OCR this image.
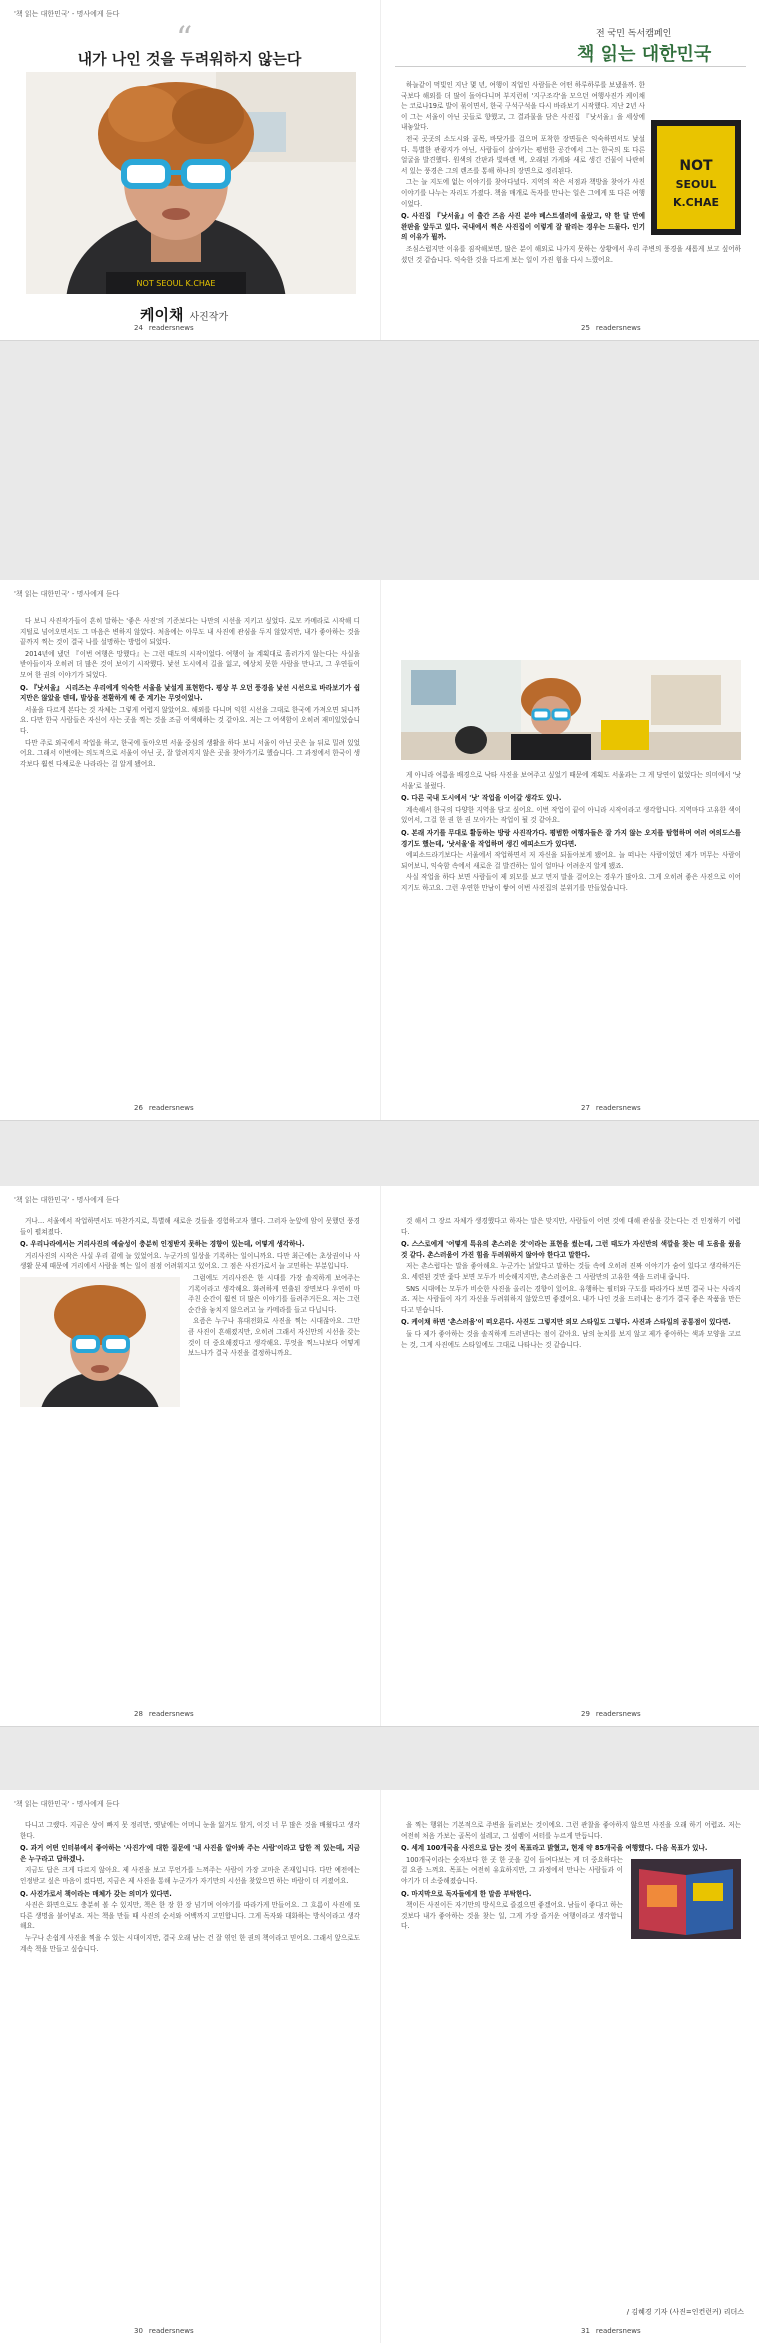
'책 읽는 대한민국' - 명사에게 듣다
“
내가 나인 것을 두려워하지 않는다
NOT SEOUL K.CHAE
케이채 사진작가
24 readersnews
전 국민 독서캠페인
책 읽는 대한민국
NOT
SEOUL
K.CHAE

하늘같이 먹빛인 지난 몇 년, 여행이 직업인 사람들은 어떤 하루하루를 보냈을까. 한국보다 해외를 더 많이 돌아다니며 부지런히 '지구조각'을 모으던 여행사진가 케이채는 코로나19로 발이 묶이면서, 한국 구석구석을 다시 바라보기 시작했다. 지난 2년 사이 그는 서울이 아닌 곳들로 향했고, 그 결과물을 담은 사진집 『낫서울』을 세상에 내놓았다.

전국 곳곳의 소도시와 골목, 바닷가를 걸으며 포착한 장면들은 익숙하면서도 낯설다. 특별한 관광지가 아닌, 사람들이 살아가는 평범한 공간에서 그는 한국의 또 다른 얼굴을 발견했다. 원색의 간판과 빛바랜 벽, 오래된 가게와 새로 생긴 건물이 나란히 서 있는 풍경은 그의 렌즈를 통해 하나의 장면으로 정리된다.

그는 늘 지도에 없는 이야기를 찾아다녔다. 지역의 작은 서점과 책방을 찾아가 사진 이야기를 나누는 자리도 가졌다. 책을 매개로 독자를 만나는 일은 그에게 또 다른 여행이었다.

Q. 사진집 『낫서울』이 출간 즈음 사진 분야 베스트셀러에 올랐고, 약 한 달 만에 완판을 앞두고 있다. 국내에서 찍은 사진집이 이렇게 잘 팔리는 경우는 드물다. 인기의 이유가 뭘까.

조심스럽지만 이유를 짐작해보면, 많은 분이 해외로 나가지 못하는 상황에서 우리 주변의 풍경을 새롭게 보고 싶어하셨던 것 같습니다. 익숙한 것을 다르게 보는 일이 가진 힘을 다시 느꼈어요.

25 readersnews
'책 읽는 대한민국' - 명사에게 듣다

다 보니 사진작가들이 흔히 말하는 '좋은 사진'의 기준보다는 나만의 시선을 지키고 싶었다. 로모 카메라로 시작해 디지털로 넘어오면서도 그 마음은 변하지 않았다. 처음에는 아무도 내 사진에 관심을 두지 않았지만, 내가 좋아하는 것을 끝까지 찍는 것이 결국 나를 설명하는 방법이 되었다.

2014년에 냈던 『이번 여행은 망했다』는 그런 태도의 시작이었다. 여행이 늘 계획대로 흘러가지 않는다는 사실을 받아들이자 오히려 더 많은 것이 보이기 시작했다. 낯선 도시에서 길을 잃고, 예상치 못한 사람을 만나고, 그 우연들이 모여 한 권의 이야기가 되었다.

Q. 『낫서울』 시리즈는 우리에게 익숙한 서울을 낯설게 표현한다. 평상 부 오던 풍경을 낯선 시선으로 바라보기가 쉽지만은 않았을 텐데, 발상을 전환하게 해 준 계기는 무엇이었나.

서울을 다르게 본다는 것 자체는 그렇게 어렵지 않았어요. 해외를 다니며 익힌 시선을 그대로 한국에 가져오면 되니까요. 다만 한국 사람들은 자신이 사는 곳을 찍는 것을 조금 어색해하는 것 같아요. 저는 그 어색함이 오히려 재미있었습니다.

다만 주로 외국에서 작업을 하고, 한국에 돌아오면 서울 중심의 생활을 하다 보니 서울이 아닌 곳은 늘 뒤로 밀려 있었어요. 그래서 이번에는 의도적으로 서울이 아닌 곳, 잘 알려지지 않은 곳을 찾아가기로 했습니다. 그 과정에서 한국이 생각보다 훨씬 다채로운 나라라는 걸 알게 됐어요.

26 readersnews

게 아니라 여름을 배경으로 낙타 사진을 보여주고 싶었기 때문에 계획도 서울과는 그 게 당연이 없었다는 의미에서 '낫서울'로 불렀다.

Q. 다른 국내 도시에서 '낫' 작업을 이어갈 생각도 있나.

계속해서 한국의 다양한 지역을 담고 싶어요. 이번 작업이 끝이 아니라 시작이라고 생각합니다. 지역마다 고유한 색이 있어서, 그걸 한 권 한 권 모아가는 작업이 될 것 같아요.

Q. 본래 자기를 무대로 활동하는 방랑 사진작가다. 평범한 여행자들은 잘 가지 않는 오지를 탐험하며 여러 여의도스를 경기도 했는데, '낫서울'을 작업하며 생긴 에피소드가 있다면.

에피소드라기보다는 서울에서 작업하면서 저 자신을 되돌아보게 됐어요. 늘 떠나는 사람이었던 제가 머무는 사람이 되어보니, 익숙함 속에서 새로운 걸 발견하는 일이 얼마나 어려운지 알게 됐죠.

사실 작업을 하다 보면 사람들이 제 외모를 보고 먼저 말을 걸어오는 경우가 많아요. 그게 오히려 좋은 사진으로 이어지기도 하고요. 그런 우연한 만남이 쌓여 이번 사진집의 분위기를 만들었습니다.

27 readersnews
'책 읽는 대한민국' - 명사에게 듣다

거나… 서울에서 작업하면서도 마찬가지로, 특별해 새로운 것들을 경험하고자 했다. 그러자 눈앞에 암이 못했던 풍경들이 펼쳐졌다.

Q. 우리나라에서는 거리사진의 예술성이 충분히 인정받지 못하는 경향이 있는데, 어떻게 생각하나.

거리사진의 시작은 사실 우리 곁에 늘 있었어요. 누군가의 일상을 기록하는 일이니까요. 다만 최근에는 초상권이나 사생활 문제 때문에 거리에서 사람을 찍는 일이 점점 어려워지고 있어요. 그 점은 사진가로서 늘 고민하는 부분입니다.

그럼에도 거리사진은 한 시대를 가장 솔직하게 보여주는 기록이라고 생각해요. 화려하게 연출된 장면보다 우연히 마주친 순간이 훨씬 더 많은 이야기를 들려주거든요. 저는 그런 순간을 놓치지 않으려고 늘 카메라를 들고 다닙니다.

요즘은 누구나 휴대전화로 사진을 찍는 시대잖아요. 그만큼 사진이 흔해졌지만, 오히려 그래서 자신만의 시선을 갖는 것이 더 중요해졌다고 생각해요. 무엇을 찍느냐보다 어떻게 보느냐가 결국 사진을 결정하니까요.

28 readersnews

것 해서 그 장르 자체가 생경했다고 하자는 말은 맞지만, 사람들이 어떤 것에 대해 관심을 갖는다는 건 인정하기 어렵다.

Q. 스스로에게 '어떻게 특유의 촌스러운 것'이라는 표현을 썼는데, 그런 태도가 자신만의 색깔을 찾는 데 도움을 줬을 것 같다. 촌스러움이 가진 힘을 두려워하지 않아야 한다고 말한다.

저는 촌스럽다는 말을 좋아해요. 누군가는 낡았다고 말하는 것들 속에 오히려 진짜 이야기가 숨어 있다고 생각하거든요. 세련된 것만 좇다 보면 모두가 비슷해지지만, 촌스러움은 그 사람만의 고유한 색을 드러내 줍니다.

SNS 시대에는 모두가 비슷한 사진을 올리는 경향이 있어요. 유행하는 필터와 구도를 따라가다 보면 결국 나는 사라지죠. 저는 사람들이 자기 자신을 두려워하지 않았으면 좋겠어요. 내가 나인 것을 드러내는 용기가 결국 좋은 작품을 만든다고 믿습니다.

Q. 케이채 하면 '촌스러움'이 떠오른다. 사진도 그렇지만 외모 스타일도 그렇다. 사진과 스타일의 공통점이 있다면.

둘 다 제가 좋아하는 것을 솔직하게 드러낸다는 점이 같아요. 남의 눈치를 보지 않고 제가 좋아하는 색과 모양을 고르는 것, 그게 사진에도 스타일에도 그대로 나타나는 것 같습니다.

29 readersnews
'책 읽는 대한민국' - 명사에게 듣다

다니고 그랬다. 지금은 상이 빠지 못 정리만, 옛날에는 어머니 눈을 잃거도 할거, 이것 너 무 많은 것을 배웠다고 생각한다.

Q. 과거 어떤 인터뷰에서 좋아하는 '사진가'에 대한 질문에 '내 사진을 알아봐 주는 사람'이라고 답한 적 있는데, 지금은 누구라고 답하겠나.

지금도 답은 크게 다르지 않아요. 제 사진을 보고 무언가를 느껴주는 사람이 가장 고마운 존재입니다. 다만 예전에는 인정받고 싶은 마음이 컸다면, 지금은 제 사진을 통해 누군가가 자기만의 시선을 찾았으면 하는 바람이 더 커졌어요.

Q. 사진가로서 책이라는 매체가 갖는 의미가 있다면.

사진은 화면으로도 충분히 볼 수 있지만, 책은 한 장 한 장 넘기며 이야기를 따라가게 만들어요. 그 흐름이 사진에 또 다른 생명을 불어넣죠. 저는 책을 만들 때 사진의 순서와 여백까지 고민합니다. 그게 독자와 대화하는 방식이라고 생각해요.

누구나 손쉽게 사진을 찍을 수 있는 시대이지만, 결국 오래 남는 건 잘 엮인 한 권의 책이라고 믿어요. 그래서 앞으로도 계속 책을 만들고 싶습니다.

30 readersnews

을 찍는 행위는 기본적으로 주변을 둘러보는 것이에요. 그런 관찰을 좋아하지 않으면 사진을 오래 하기 어렵죠. 저는 여전히 처음 가보는 골목이 설레고, 그 설렘이 셔터를 누르게 만듭니다.

Q. 세계 100개국을 사진으로 담는 것이 목표라고 밝혔고, 현재 약 85개국을 여행했다. 다음 목표가 있나.

100개국이라는 숫자보다 한 곳 한 곳을 깊이 들여다보는 게 더 중요하다는 걸 요즘 느껴요. 목표는 여전히 유효하지만, 그 과정에서 만나는 사람들과 이야기가 더 소중해졌습니다.

Q. 마지막으로 독자들에게 한 말씀 부탁한다.

책이든 사진이든 자기만의 방식으로 즐겼으면 좋겠어요. 남들이 좋다고 하는 것보다 내가 좋아하는 것을 찾는 일, 그게 가장 즐거운 여행이라고 생각합니다.

/ 김혜경 기자 (사진=인컨런커) 리더스
31 readersnews
